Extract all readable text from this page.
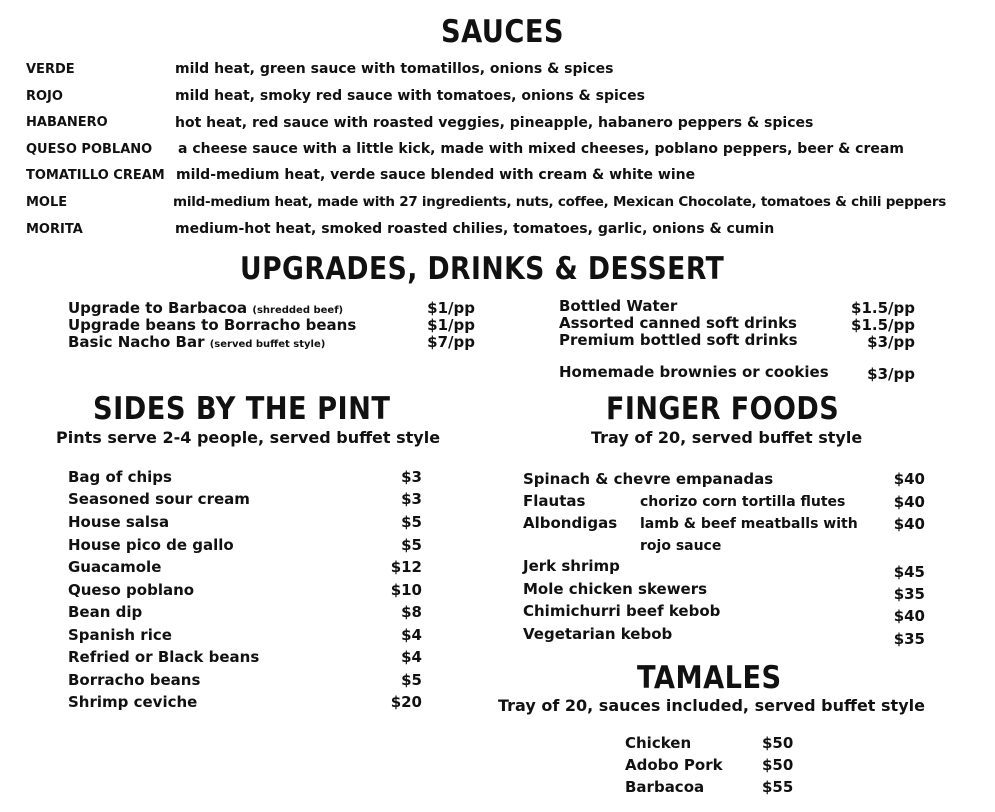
SAUCES
VERDE	mild heat, green sauce with tomatillos, onions & spices
ROJO	mild heat, smoky red sauce with tomatoes, onions & spices
HABANERO	hot heat, red sauce with roasted veggies, pineapple, habanero peppers & spices
QUESO POBLANO a cheese sauce with a little kick, made with mixed cheeses, poblano peppers, beer & cream
TOMATILLO CREAM mild-medium heat, verde sauce blended with cream & white wine
MOLE	mild-medium heat, made with 27 ingredients, nuts, coffee, Mexican Chocolate, tomatoes & chili peppers
MORITA	medium-hot heat, smoked roasted chilies, tomatoes, garlic, onions & cumin
UPGRADES, DRINKS & DESSERT
Upgrade to Barbacoa (shredded beef)	$1/pp
Upgrade beans to Borracho beans	$1/pp
Basic Nacho Bar (served buffet style)	$7/pp
Bottled Water	$1.5/pp
Assorted canned soft drinks	$1.5/pp
Premium bottled soft drinks	$3/pp
Homemade brownies or cookies	$3/pp
SIDES BY THE PINT
Pints serve 2-4 people, served buffet style
Bag of chips	$3
Seasoned sour cream	$3
House salsa	$5
House pico de gallo	$5
Guacamole	$12
Queso poblano	$10
Bean dip	$8
Spanish rice	$4
Refried or Black beans	$4
Borracho beans	$5
Shrimp ceviche	$20
FINGER FOODS
Tray of 20, served buffet style
Spinach & chevre empanadas	$40
Flautas	chorizo corn tortilla flutes	$40
Albondigas lamb & beef meatballs with
rojo sauce
$40
Jerk shrimp	$45
Mole chicken skewers	$35
Chimichurri beef kebob	$40
Vegetarian kebob	$35
TAMALES
Tray of 20, sauces included, served buffet style
Chicken	$50
Adobo Pork	$50
Barbacoa	$55
